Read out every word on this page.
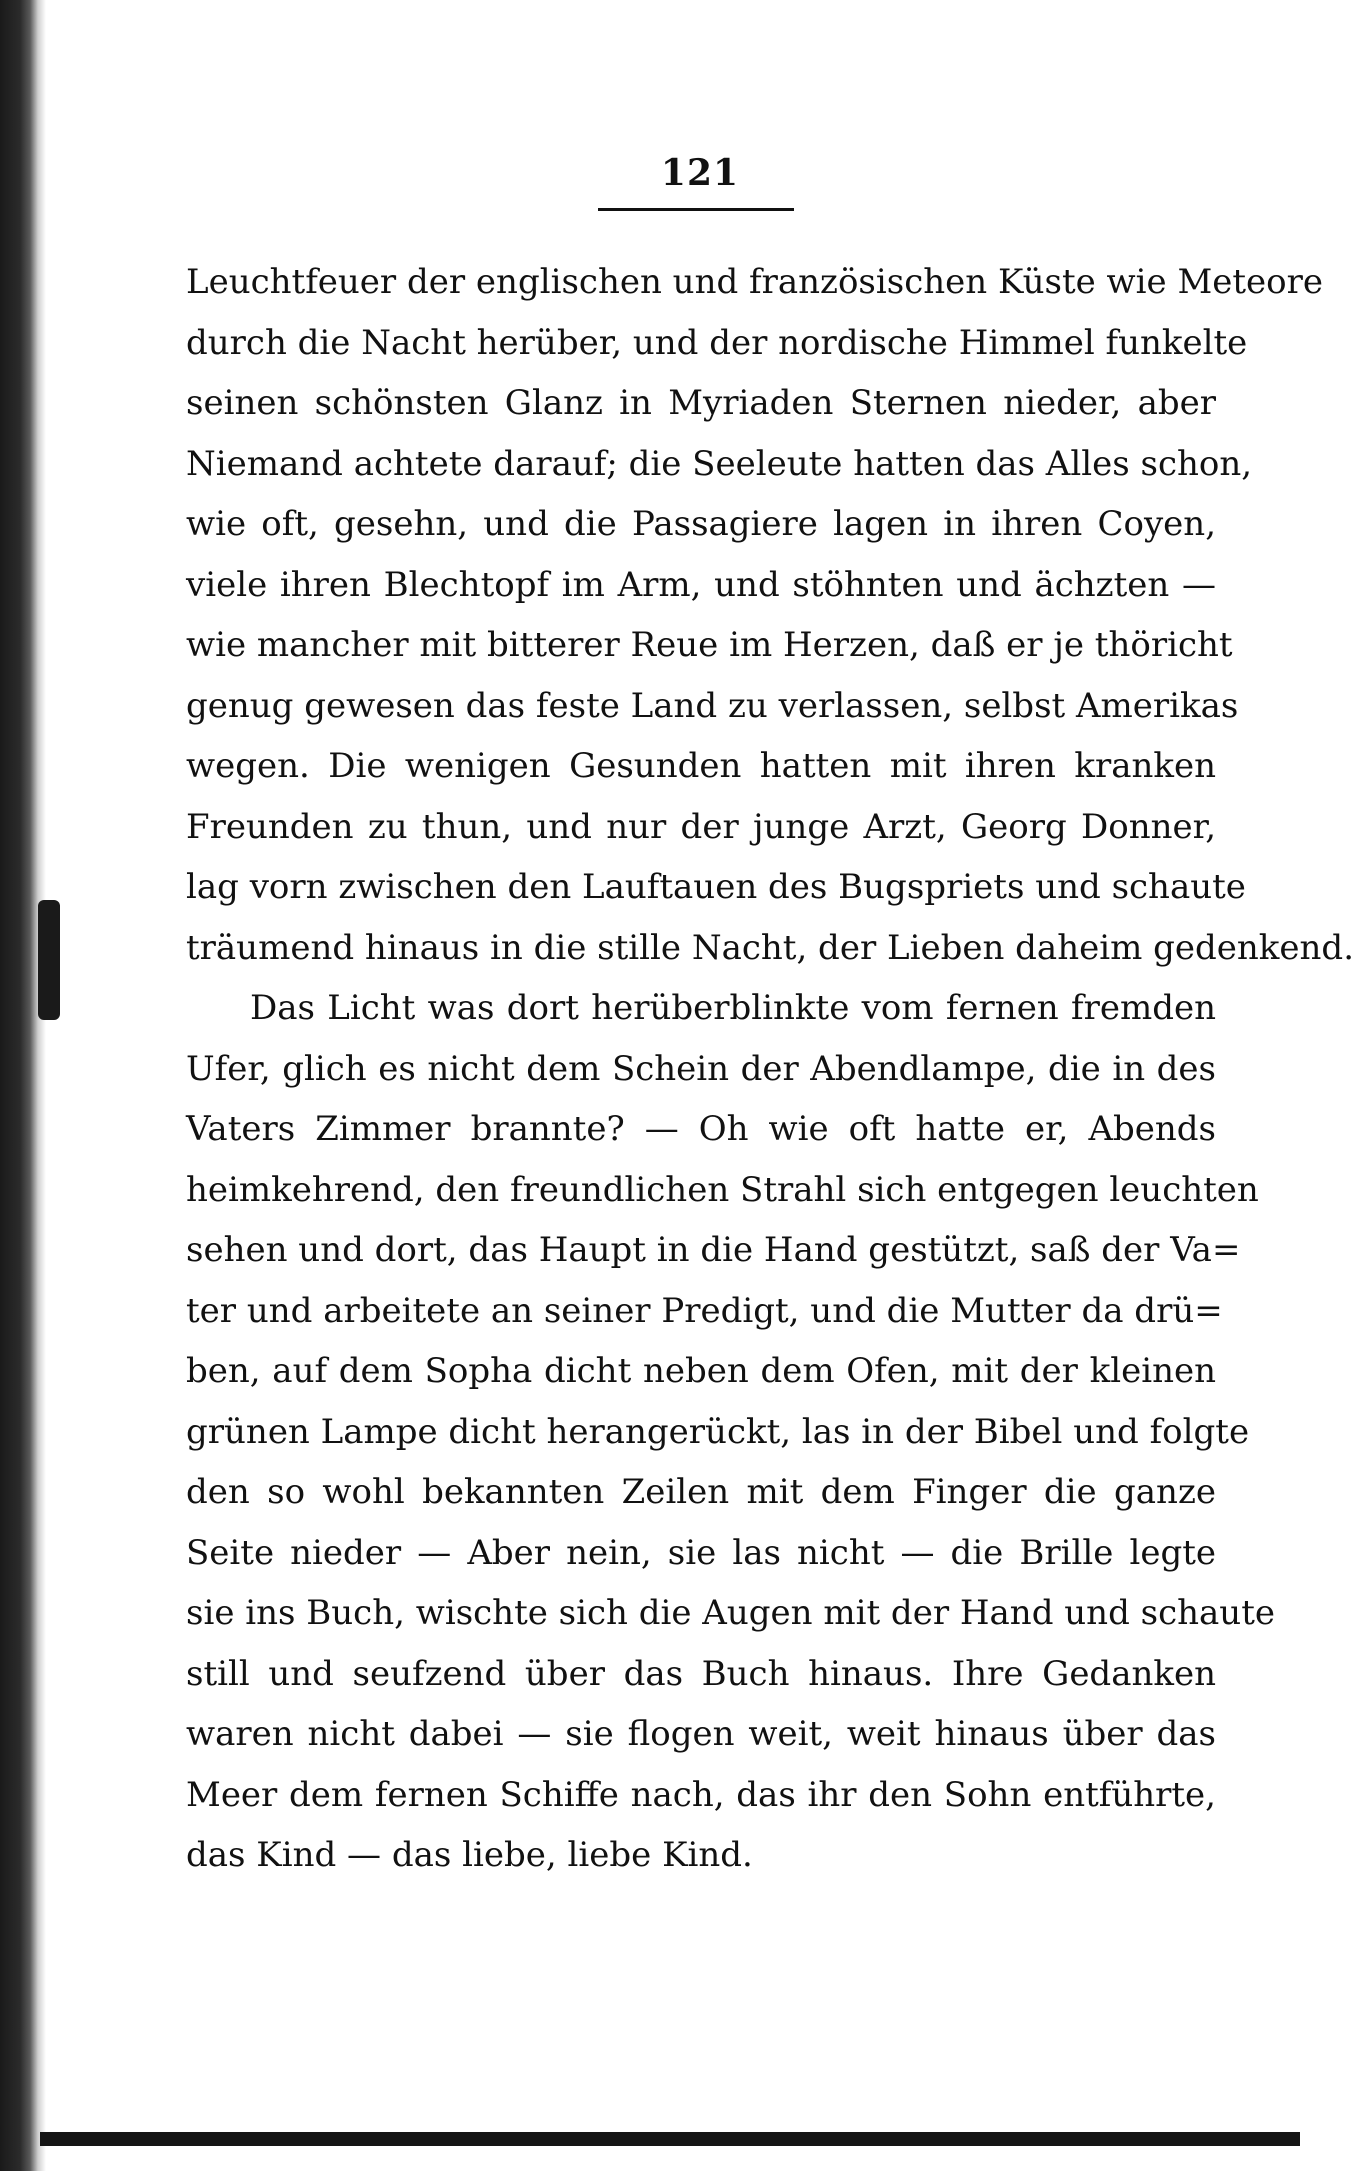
121
Leuchtfeuer der englischen und französischen Küste wie Meteore
durch die Nacht herüber, und der nordische Himmel funkelte
seinen schönsten Glanz in Myriaden Sternen nieder, aber
Niemand achtete darauf; die Seeleute hatten das Alles schon,
wie oft, gesehn, und die Passagiere lagen in ihren Coyen,
viele ihren Blechtopf im Arm, und stöhnten und ächzten —
wie mancher mit bitterer Reue im Herzen, daß er je thöricht
genug gewesen das feste Land zu verlassen, selbst Amerikas
wegen. Die wenigen Gesunden hatten mit ihren kranken
Freunden zu thun, und nur der junge Arzt, Georg Donner,
lag vorn zwischen den Lauftauen des Bugspriets und schaute
träumend hinaus in die stille Nacht, der Lieben daheim gedenkend.
Das Licht was dort herüberblinkte vom fernen fremden
Ufer, glich es nicht dem Schein der Abendlampe, die in des
Vaters Zimmer brannte? — Oh wie oft hatte er, Abends
heimkehrend, den freundlichen Strahl sich entgegen leuchten
sehen und dort, das Haupt in die Hand gestützt, saß der Va=
ter und arbeitete an seiner Predigt, und die Mutter da drü=
ben, auf dem Sopha dicht neben dem Ofen, mit der kleinen
grünen Lampe dicht herangerückt, las in der Bibel und folgte
den so wohl bekannten Zeilen mit dem Finger die ganze
Seite nieder — Aber nein, sie las nicht — die Brille legte
sie ins Buch, wischte sich die Augen mit der Hand und schaute
still und seufzend über das Buch hinaus. Ihre Gedanken
waren nicht dabei — sie flogen weit, weit hinaus über das
Meer dem fernen Schiffe nach, das ihr den Sohn entführte,
das Kind — das liebe, liebe Kind.
